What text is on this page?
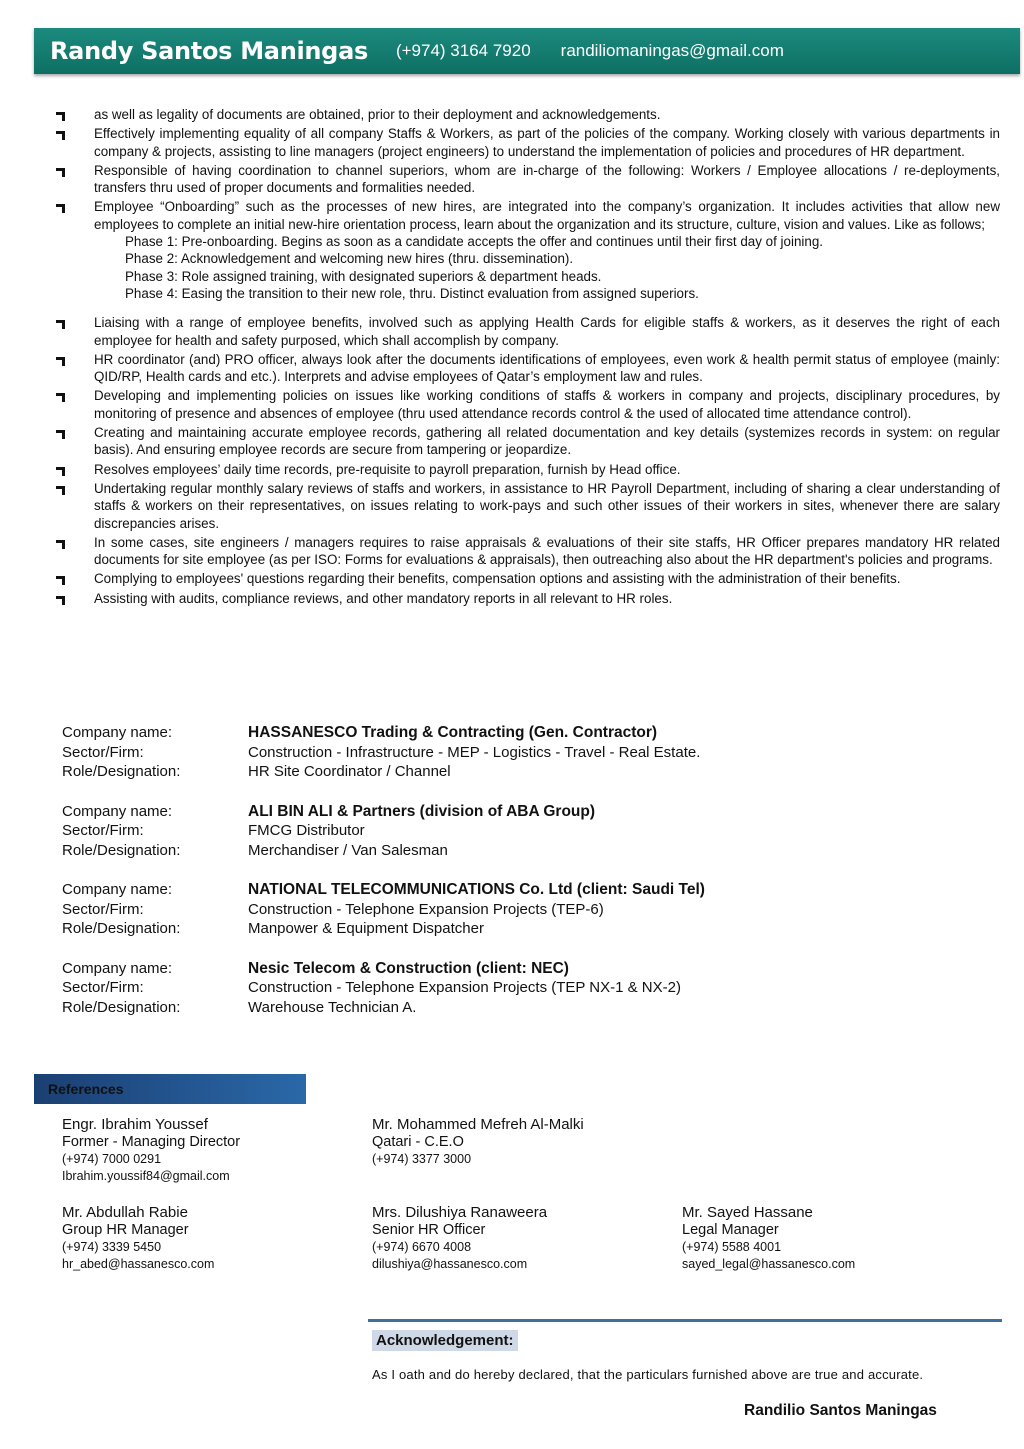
Randy Santos Maningas (+974) 3164 7920 randiliomaningas@gmail.com
as well as legality of documents are obtained, prior to their deployment and acknowledgements.
Effectively implementing equality of all company Staffs & Workers, as part of the policies of the company. Working closely with various departments in company & projects, assisting to line managers (project engineers) to understand the implementation of policies and procedures of HR department.
Responsible of having coordination to channel superiors, whom are in-charge of the following: Workers / Employee allocations / re-deployments, transfers thru used of proper documents and formalities needed.
Employee “Onboarding” such as the processes of new hires, are integrated into the company’s organization. It includes activities that allow new employees to complete an initial new-hire orientation process, learn about the organization and its structure, culture, vision and values. Like as follows;
Phase 1: Pre-onboarding. Begins as soon as a candidate accepts the offer and continues until their first day of joining.
Phase 2: Acknowledgement and welcoming new hires (thru. dissemination).
Phase 3: Role assigned training, with designated superiors & department heads.
Phase 4: Easing the transition to their new role, thru. Distinct evaluation from assigned superiors.
Liaising with a range of employee benefits, involved such as applying Health Cards for eligible staffs & workers, as it deserves the right of each employee for health and safety purposed, which shall accomplish by company.
HR coordinator (and) PRO officer, always look after the documents identifications of employees, even work & health permit status of employee (mainly: QID/RP, Health cards and etc.). Interprets and advise employees of Qatar’s employment law and rules.
Developing and implementing policies on issues like working conditions of staffs & workers in company and projects, disciplinary procedures, by monitoring of presence and absences of employee (thru used attendance records control & the used of allocated time attendance control).
Creating and maintaining accurate employee records, gathering all related documentation and key details (systemizes records in system: on regular basis). And ensuring employee records are secure from tampering or jeopardize.
Resolves employees’ daily time records, pre-requisite to payroll preparation, furnish by Head office.
Undertaking regular monthly salary reviews of staffs and workers, in assistance to HR Payroll Department, including of sharing a clear understanding of staffs & workers on their representatives, on issues relating to work-pays and such other issues of their workers in sites, whenever there are salary discrepancies arises.
In some cases, site engineers / managers requires to raise appraisals & evaluations of their site staffs, HR Officer prepares mandatory HR related documents for site employee (as per ISO: Forms for evaluations & appraisals), then outreaching also about the HR department's policies and programs.
Complying to employees' questions regarding their benefits, compensation options and assisting with the administration of their benefits.
Assisting with audits, compliance reviews, and other mandatory reports in all relevant to HR roles.
Company name:	HASSANESCO Trading & Contracting (Gen. Contractor)
Sector/Firm:	Construction - Infrastructure - MEP - Logistics - Travel - Real Estate.
Role/Designation:	HR Site Coordinator / Channel
Company name:	ALI BIN ALI & Partners (division of ABA Group)
Sector/Firm:	FMCG Distributor
Role/Designation:	Merchandiser / Van Salesman
Company name:	NATIONAL TELECOMMUNICATIONS Co. Ltd (client: Saudi Tel)
Sector/Firm:	Construction - Telephone Expansion Projects (TEP-6)
Role/Designation:	Manpower & Equipment Dispatcher
Company name:	Nesic Telecom & Construction (client: NEC)
Sector/Firm:	Construction - Telephone Expansion Projects (TEP NX-1 & NX-2)
Role/Designation:	Warehouse Technician A.
References
Engr. Ibrahim Youssef
Former - Managing Director
(+974) 7000 0291
Ibrahim.youssif84@gmail.com
Mr. Mohammed Mefreh Al-Malki
Qatari - C.E.O
(+974) 3377 3000
Mr. Abdullah Rabie
Group HR Manager
(+974) 3339 5450
hr_abed@hassanesco.com
Mrs. Dilushiya Ranaweera
Senior HR Officer
(+974) 6670 4008
dilushiya@hassanesco.com
Mr. Sayed Hassane
Legal Manager
(+974) 5588 4001
sayed_legal@hassanesco.com
Acknowledgement:
As I oath and do hereby declared, that the particulars furnished above are true and accurate.
Randilio Santos Maningas
